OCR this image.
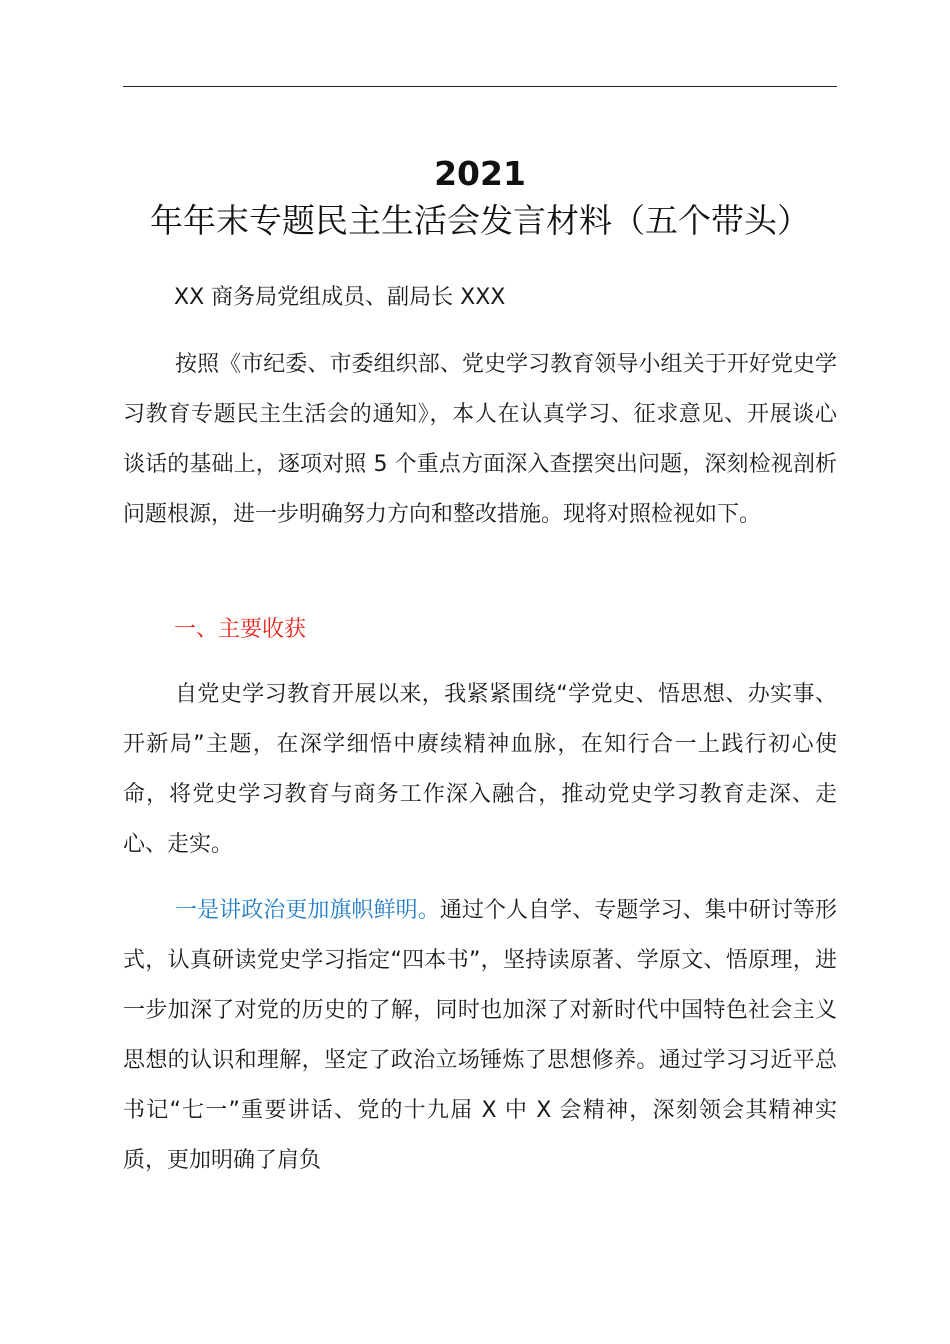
2021年年末专题民主生活会发言材料（五个带头）

XX 商务局党组成员、副局长 XXX

按照《市纪委、市委组织部、党史学习教育领导小组关于开好党史学习教育专题民主生活会的通知》，本人在认真学习、征求意见、开展谈心谈话的基础上，逐项对照 5 个重点方面深入查摆突出问题，深刻检视剖析问题根源，进一步明确努力方向和整改措施。现将对照检视如下。

一、主要收获

自党史学习教育开展以来，我紧紧围绕“学党史、悟思想、办实事、开新局”主题，在深学细悟中赓续精神血脉，在知行合一上践行初心使命，将党史学习教育与商务工作深入融合，推动党史学习教育走深、走心、走实。

一是讲政治更加旗帜鲜明。通过个人自学、专题学习、集中研讨等形式，认真研读党史学习指定“四本书”，坚持读原著、学原文、悟原理，进一步加深了对党的历史的了解，同时也加深了对新时代中国特色社会主义思想的认识和理解，坚定了政治立场锤炼了思想修养。通过学习习近平总书记“七一”重要讲话、党的十九届 X 中 X 会精神，深刻领会其精神实质，更加明确了肩负
